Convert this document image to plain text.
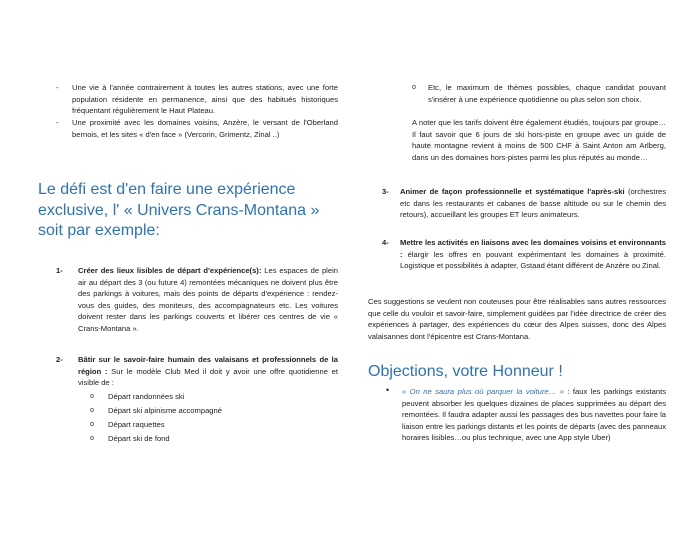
- Une vie à l'année contrairement à toutes les autres stations, avec une forte population résidente en permanence, ainsi que des habitués historiques fréquentant régulièrement le Haut Plateau.

- Une proximité avec les domaines voisins, Anzère, le versant de l'Oberland bernois, et les sites « d'en face » (Vercorin, Grimentz, Zinal ..)

Le défi est d'en faire une expérience exclusive, l' « Univers Crans-Montana » soit par exemple:
1- Créer des lieux lisibles de départ d'expérience(s): Les espaces de plein air au départ des 3 (ou future 4) remontées mécaniques ne doivent plus être des parkings à voitures, mais des points de départs d'expérience : rendez-vous des guides, des moniteurs, des accompagnateurs etc. Les voitures doivent rester dans les parkings couverts et libérer ces centres de vie « Crans-Montana ».

2- Bâtir sur le savoir-faire humain des valaisans et professionnels de la région : Sur le modèle Club Med il doit y avoir une offre quotidienne et visible de :

o Départ randonnées ski
o Départ ski alpinisme accompagné
o Départ raquettes
o Départ ski de fond
o Etc, le maximum de thèmes possibles, chaque candidat pouvant s'insérer à une expérience quotidienne ou plus selon son choix.

A noter que les tarifs doivent être également étudiés, toujours par groupe… Il faut savoir que 6 jours de ski hors-piste en groupe avec un guide de haute montagne revient à moins de 500 CHF à Saint Anton am Arlberg, dans un des domaines hors-pistes parmi les plus réputés au monde…

3- Animer de façon professionnelle et systématique l'après-ski (orchestres etc dans les restaurants et cabanes de basse altitude ou sur le chemin des retours), accueillant les groupes ET leurs animateurs.

4- Mettre les activités en liaisons avec les domaines voisins et environnants : élargir les offres en pouvant expérimentant les domaines à proximité. Logistique et possibilités à adapter, Gstaad étant différent de Anzère ou Zinal.

Ces suggestions se veulent non couteuses pour être réalisables sans autres ressources que celle du vouloir et savoir-faire, simplement guidées par l'idée directrice de créer des expériences à partager, des expériences du cœur des Alpes suisses, donc des Alpes valaisannes dont l'épicentre est Crans-Montana.

Objections, votre Honneur !
• « On ne saura plus où parquer la voiture… » : faux les parkings existants peuvent absorber les quelques dizaines de places supprimées au départ des remontées. Il faudra adapter aussi les passages des bus navettes pour faire la liaison entre les parkings distants et les points de départs (avec des panneaux horaires lisibles…ou plus technique, avec une App style Uber)
